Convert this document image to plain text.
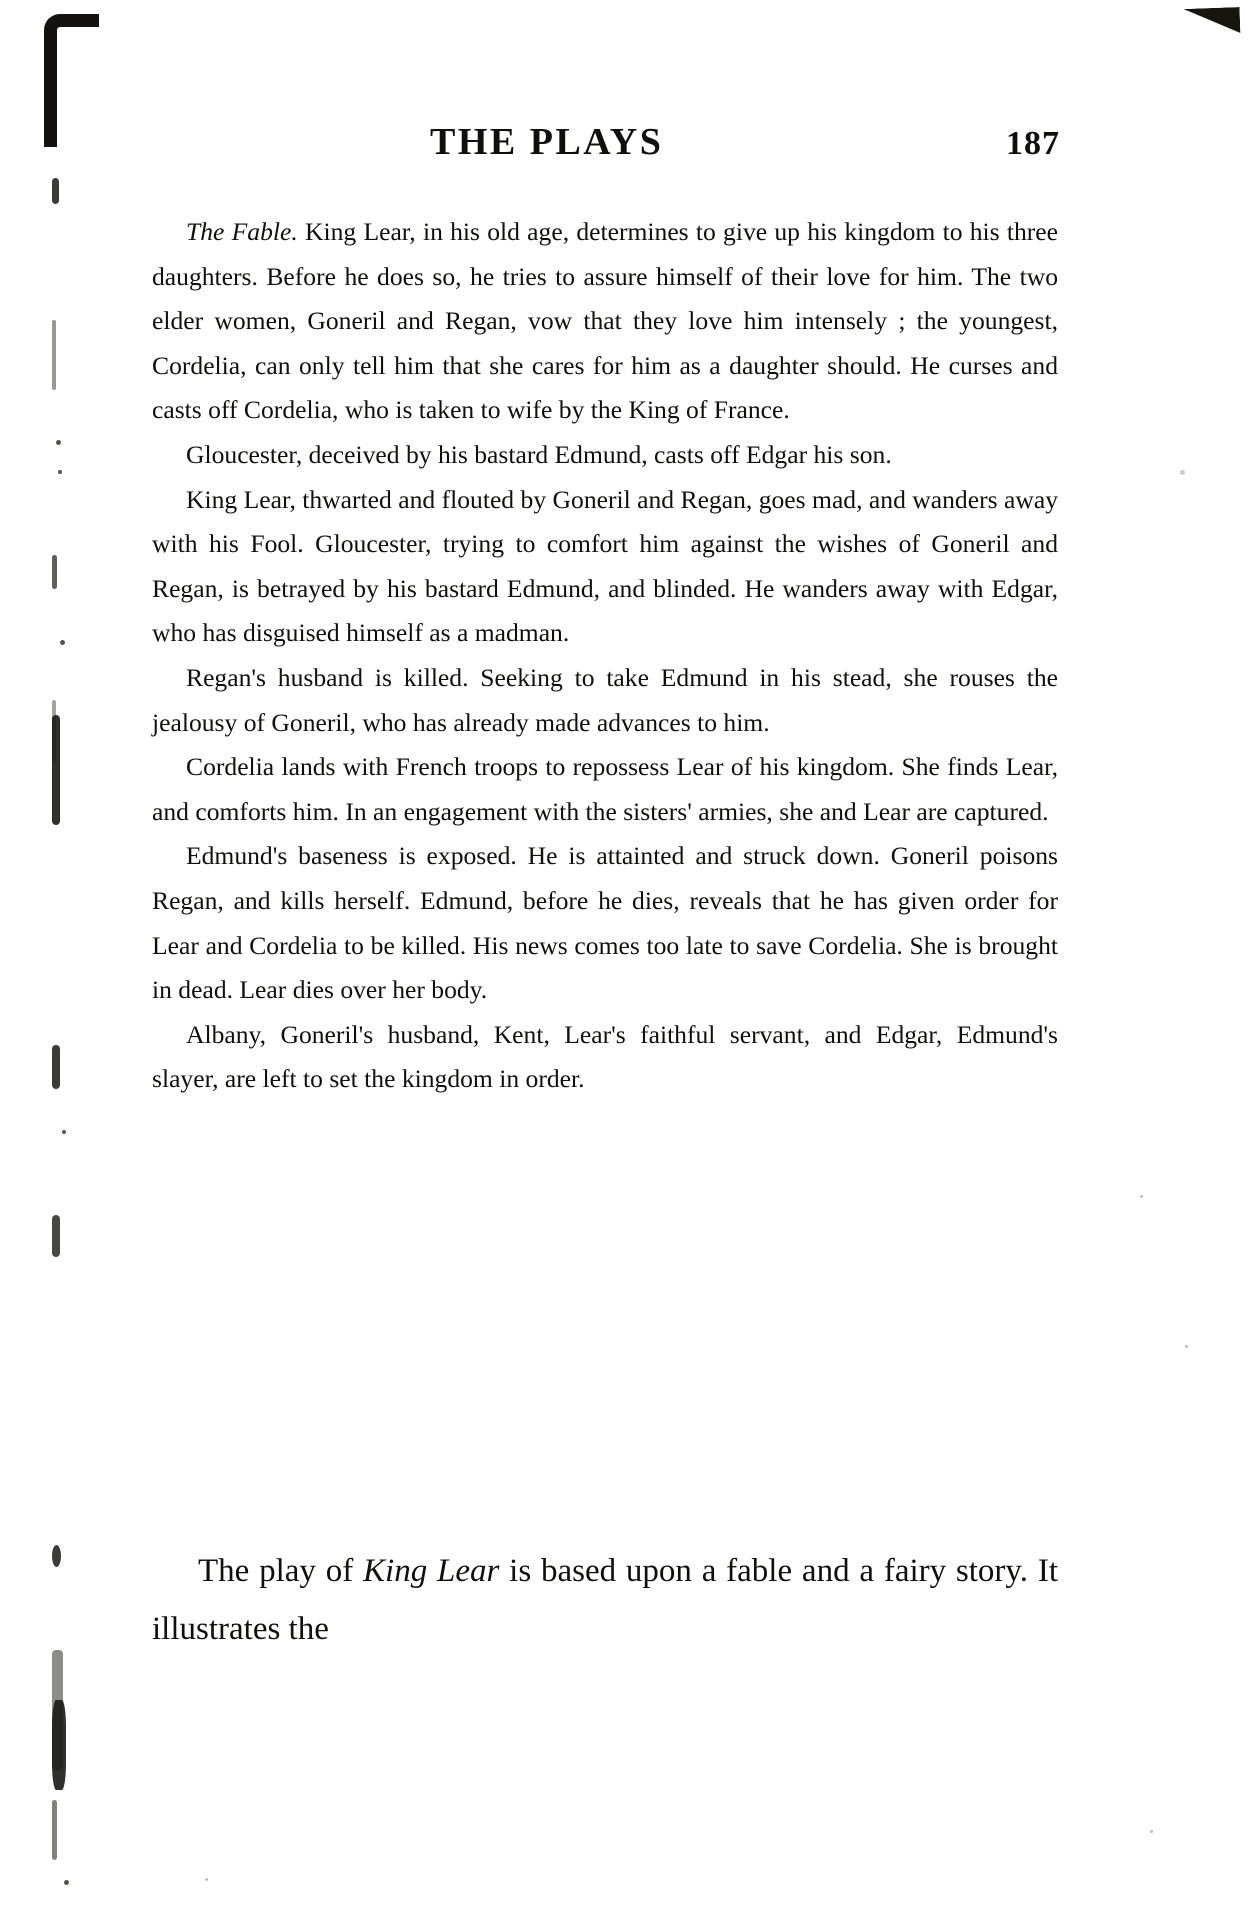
THE PLAYS	187

The Fable. King Lear, in his old age, determines to give up his kingdom to his three daughters. Before he does so, he tries to assure himself of their love for him. The two elder women, Goneril and Regan, vow that they love him intensely ; the youngest, Cordelia, can only tell him that she cares for him as a daughter should. He curses and casts off Cordelia, who is taken to wife by the King of France.

Gloucester, deceived by his bastard Edmund, casts off Edgar his son.

King Lear, thwarted and flouted by Goneril and Regan, goes mad, and wanders away with his Fool. Gloucester, trying to comfort him against the wishes of Goneril and Regan, is betrayed by his bastard Edmund, and blinded. He wanders away with Edgar, who has disguised himself as a madman.

Regan's husband is killed. Seeking to take Edmund in his stead, she rouses the jealousy of Goneril, who has already made advances to him.

Cordelia lands with French troops to repossess Lear of his kingdom. She finds Lear, and comforts him. In an engagement with the sisters' armies, she and Lear are captured.

Edmund's baseness is exposed. He is attainted and struck down. Goneril poisons Regan, and kills herself. Edmund, before he dies, reveals that he has given order for Lear and Cordelia to be killed. His news comes too late to save Cordelia. She is brought in dead. Lear dies over her body.

Albany, Goneril's husband, Kent, Lear's faithful servant, and Edgar, Edmund's slayer, are left to set the kingdom in order.

The play of King Lear is based upon a fable and a fairy story. It illustrates the
